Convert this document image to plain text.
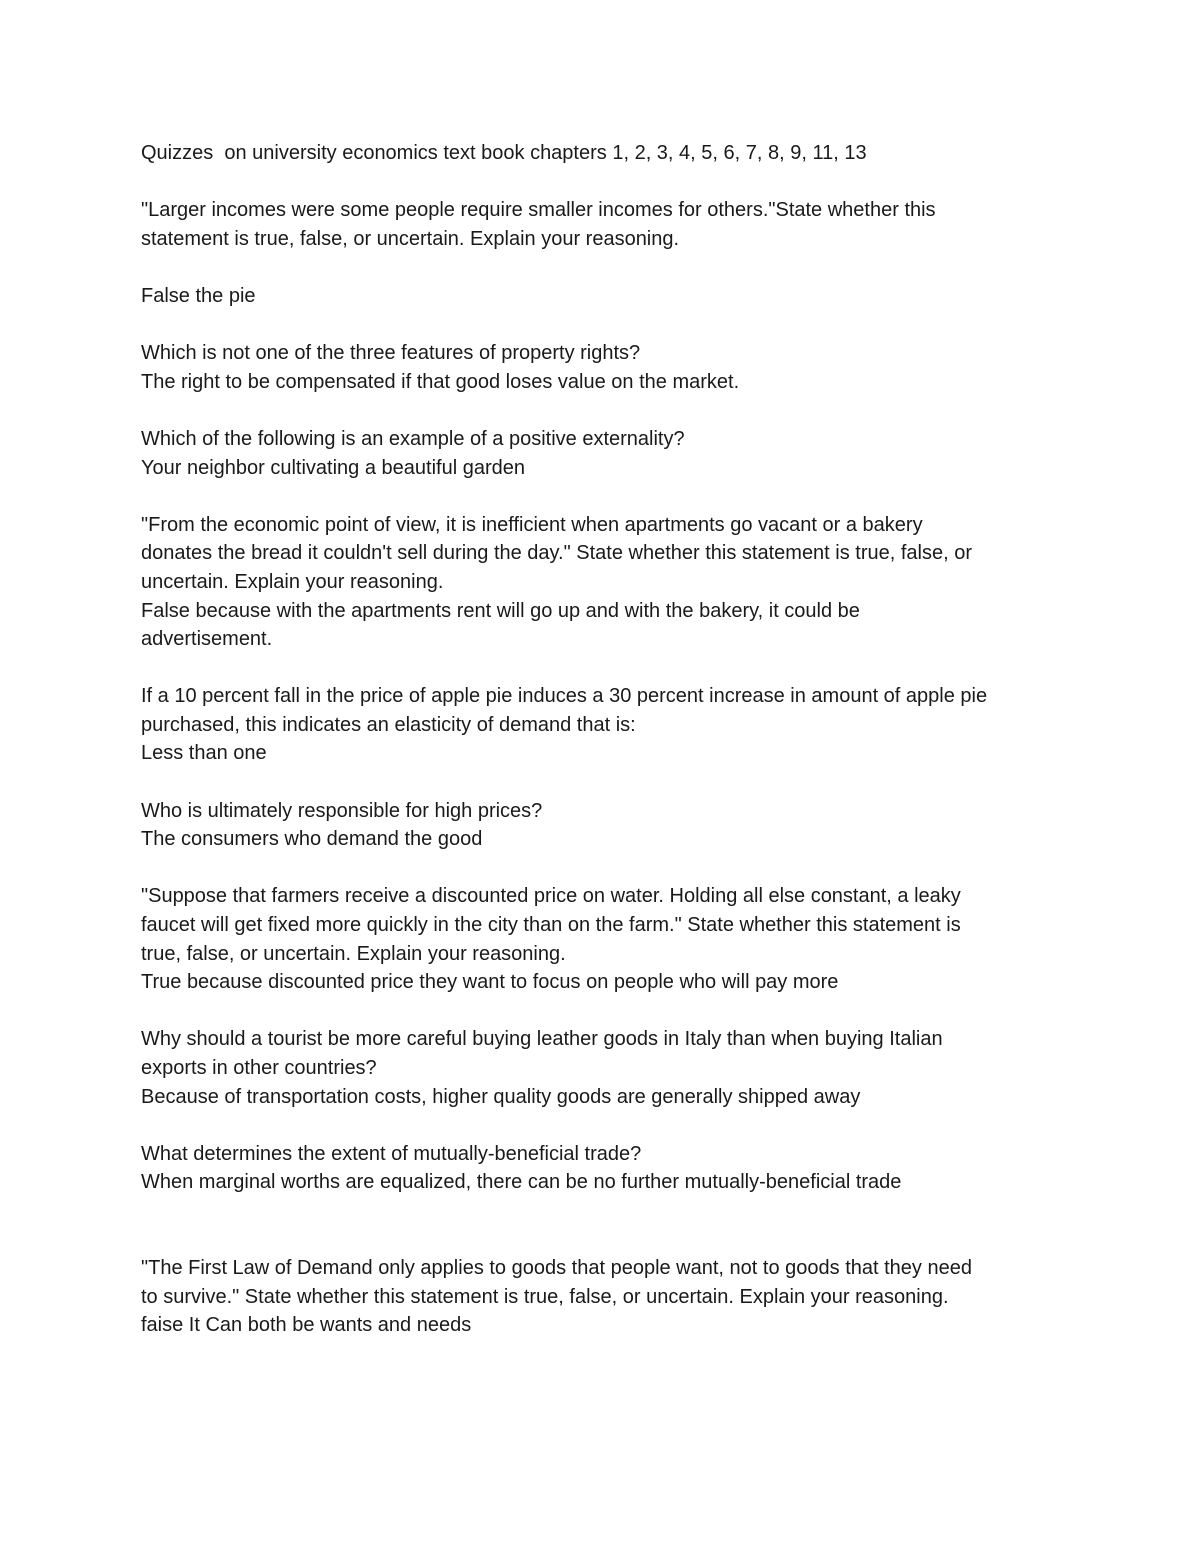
Quizzes  on university economics text book chapters 1, 2, 3, 4, 5, 6, 7, 8, 9, 11, 13

"Larger incomes were some people require smaller incomes for others."State whether this

statement is true, false, or uncertain. Explain your reasoning.

False the pie

Which is not one of the three features of property rights?

The right to be compensated if that good loses value on the market.

Which of the following is an example of a positive externality?

Your neighbor cultivating a beautiful garden

"From the economic point of view, it is inefficient when apartments go vacant or a bakery

donates the bread it couldn't sell during the day." State whether this statement is true, false, or

uncertain. Explain your reasoning.

False because with the apartments rent will go up and with the bakery, it could be

advertisement.

If a 10 percent fall in the price of apple pie induces a 30 percent increase in amount of apple pie

purchased, this indicates an elasticity of demand that is:

Less than one

Who is ultimately responsible for high prices?

The consumers who demand the good

"Suppose that farmers receive a discounted price on water. Holding all else constant, a leaky

faucet will get fixed more quickly in the city than on the farm." State whether this statement is

true, false, or uncertain. Explain your reasoning.

True because discounted price they want to focus on people who will pay more

Why should a tourist be more careful buying leather goods in Italy than when buying Italian

exports in other countries?

Because of transportation costs, higher quality goods are generally shipped away

What determines the extent of mutually-beneficial trade?

When marginal worths are equalized, there can be no further mutually-beneficial trade

"The First Law of Demand only applies to goods that people want, not to goods that they need

to survive." State whether this statement is true, false, or uncertain. Explain your reasoning.

faise It Can both be wants and needs
